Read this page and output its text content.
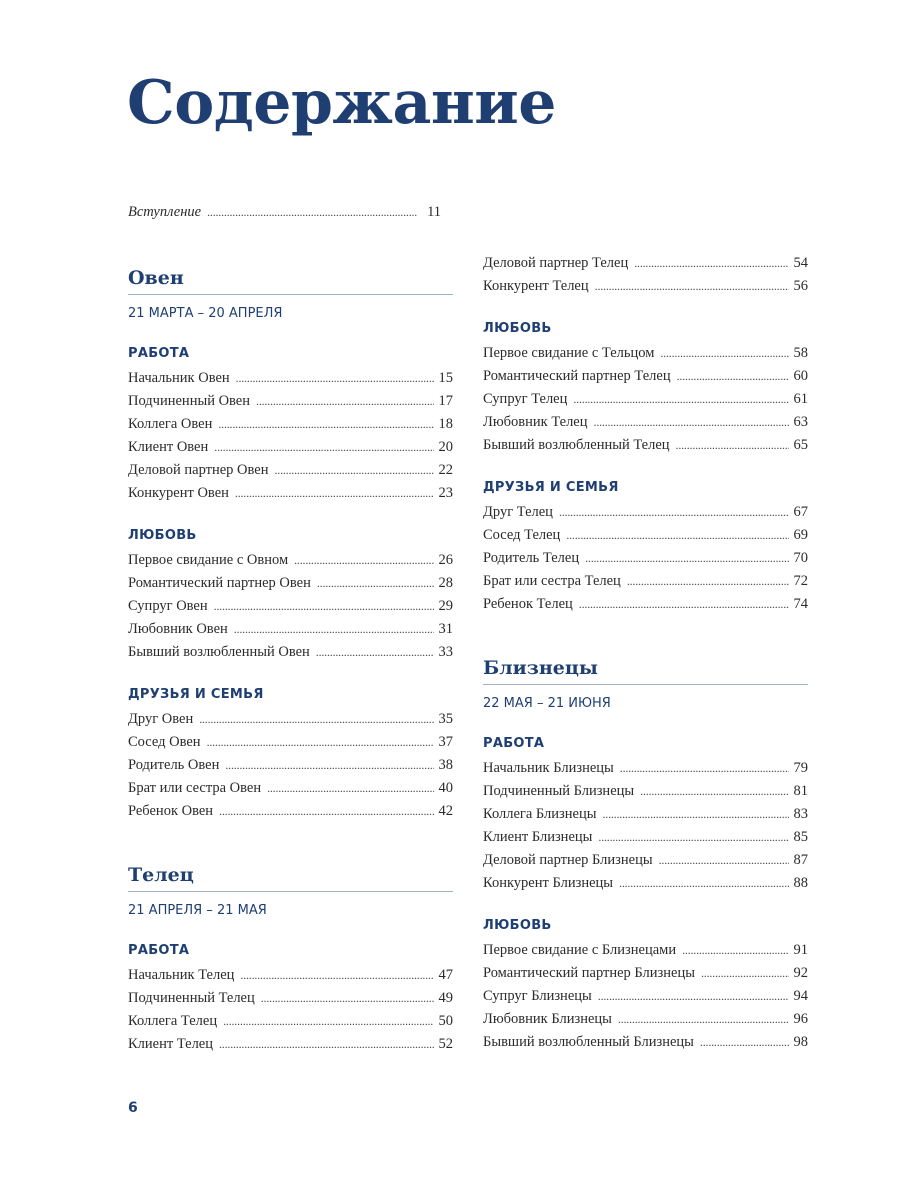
Содержание
Вступление . . .	11
Овен
21 МАРТА – 20 АПРЕЛЯ
РАБОТА
Начальник Овен . . .	15
Подчиненный Овен . . .	17
Коллега Овен . . .	18
Клиент Овен . . .	20
Деловой партнер Овен . . .	22
Конкурент Овен . . .	23
ЛЮБОВЬ
Первое свидание с Овном . . .	26
Романтический партнер Овен . . .	28
Супруг Овен . . .	29
Любовник Овен . . .	31
Бывший возлюбленный Овен . . .	33
ДРУЗЬЯ И СЕМЬЯ
Друг Овен . . .	35
Сосед Овен . . .	37
Родитель Овен . . .	38
Брат или сестра Овен . . .	40
Ребенок Овен . . .	42
Телец
21 АПРЕЛЯ – 21 МАЯ
РАБОТА
Начальник Телец . . .	47
Подчиненный Телец . . .	49
Коллега Телец . . .	50
Клиент Телец . . .	52
Деловой партнер Телец . . .	54
Конкурент Телец . . .	56
ЛЮБОВЬ
Первое свидание с Тельцом . . .	58
Романтический партнер Телец . . .	60
Супруг Телец . . .	61
Любовник Телец . . .	63
Бывший возлюбленный Телец . . .	65
ДРУЗЬЯ И СЕМЬЯ
Друг Телец . . .	67
Сосед Телец . . .	69
Родитель Телец . . .	70
Брат или сестра Телец . . .	72
Ребенок Телец . . .	74
Близнецы
22 МАЯ – 21 ИЮНЯ
РАБОТА
Начальник Близнецы . . .	79
Подчиненный Близнецы . . .	81
Коллега Близнецы . . .	83
Клиент Близнецы . . .	85
Деловой партнер Близнецы . . .	87
Конкурент Близнецы . . .	88
ЛЮБОВЬ
Первое свидание с Близнецами . . .	91
Романтический партнер Близнецы . . .	92
Супруг Близнецы . . .	94
Любовник Близнецы . . .	96
Бывший возлюбленный Близнецы . . .	98
6
